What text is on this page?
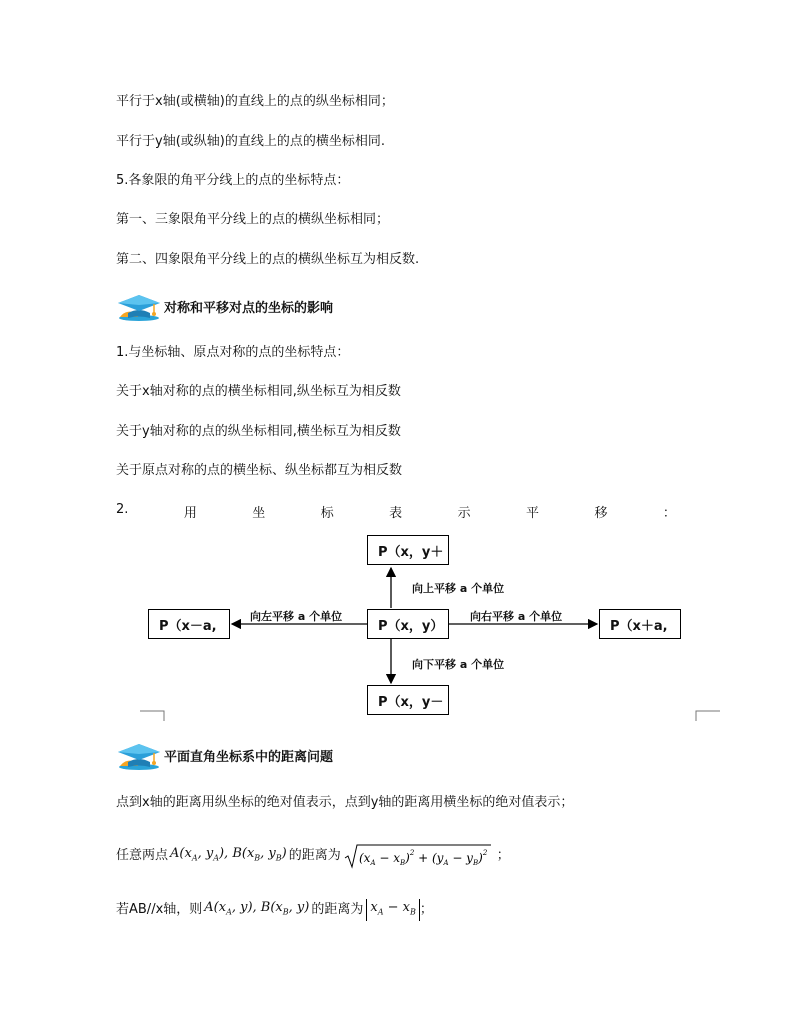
平行于x轴(或横轴)的直线上的点的纵坐标相同；
平行于y轴(或纵轴)的直线上的点的横坐标相同.
5.各象限的角平分线上的点的坐标特点：
第一、三象限角平分线上的点的横纵坐标相同；
第二、四象限角平分线上的点的横纵坐标互为相反数.
对称和平移对点的坐标的影响
1.与坐标轴、原点对称的点的坐标特点：
关于x轴对称的点的横坐标相同,纵坐标互为相反数
关于y轴对称的点的纵坐标相同,横坐标互为相反数
关于原点对称的点的横坐标、纵坐标都互为相反数
2.	用	坐	标	表	示	平	移	：
P（x，y＋
P（x，y）
P（x，y－
P（x－a,	P（x＋a,
向上平移 a 个单位
向下平移 a 个单位
向左平移 a 个单位	向右平移 a 个单位
平面直角坐标系中的距离问题
点到x轴的距离用纵坐标的绝对值表示，点到y轴的距离用横坐标的绝对值表示；
任意两点 $A(x_A$, $y_A$), $B(x_B$, $y_B$) 的距离为 $(x_A - x_B)^2 + (y_A - y_B)^2$ ；
若AB//x轴，则 $A(x_A$, y), $B(x_B$, y) 的距离为 $x_A - x_B$ ；
